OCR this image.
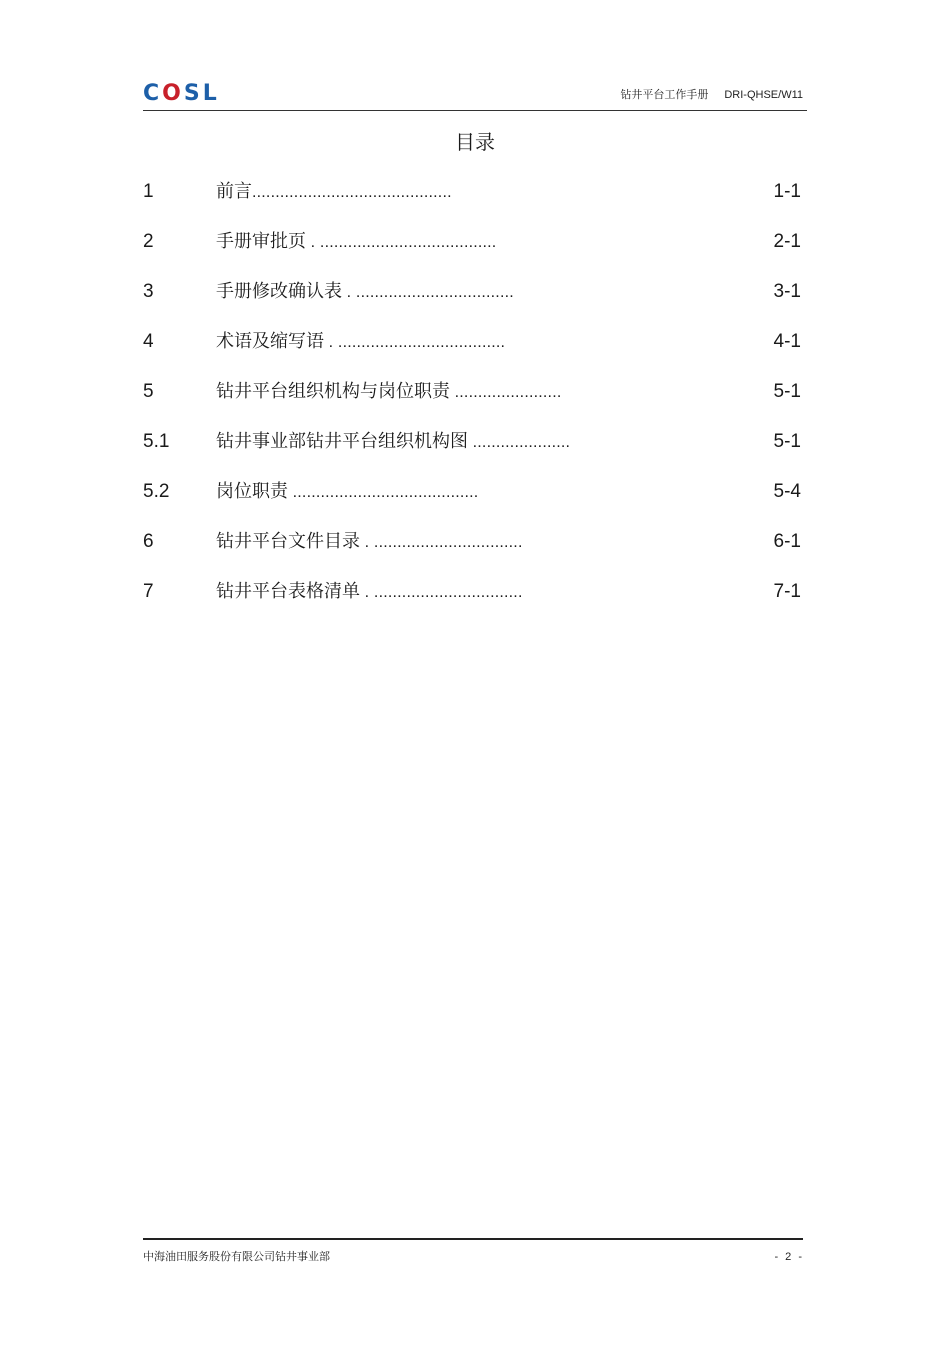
COSL	钻井平台工作手册 DRI-QHSE/W11
目录
1	前言...........................................	1-1
2	手册审批页 . ......................................	2-1
3	手册修改确认表 . ..................................	3-1
4	术语及缩写语 . ....................................	4-1
5	钻井平台组织机构与岗位职责 .......................	5-1
5.1	钻井事业部钻井平台组织机构图 .....................	5-1
5.2	岗位职责 ........................................	5-4
6	钻井平台文件目录 . ................................	6-1
7	钻井平台表格清单 . ................................	7-1
中海油田服务股份有限公司钻井事业部	- 2 -
